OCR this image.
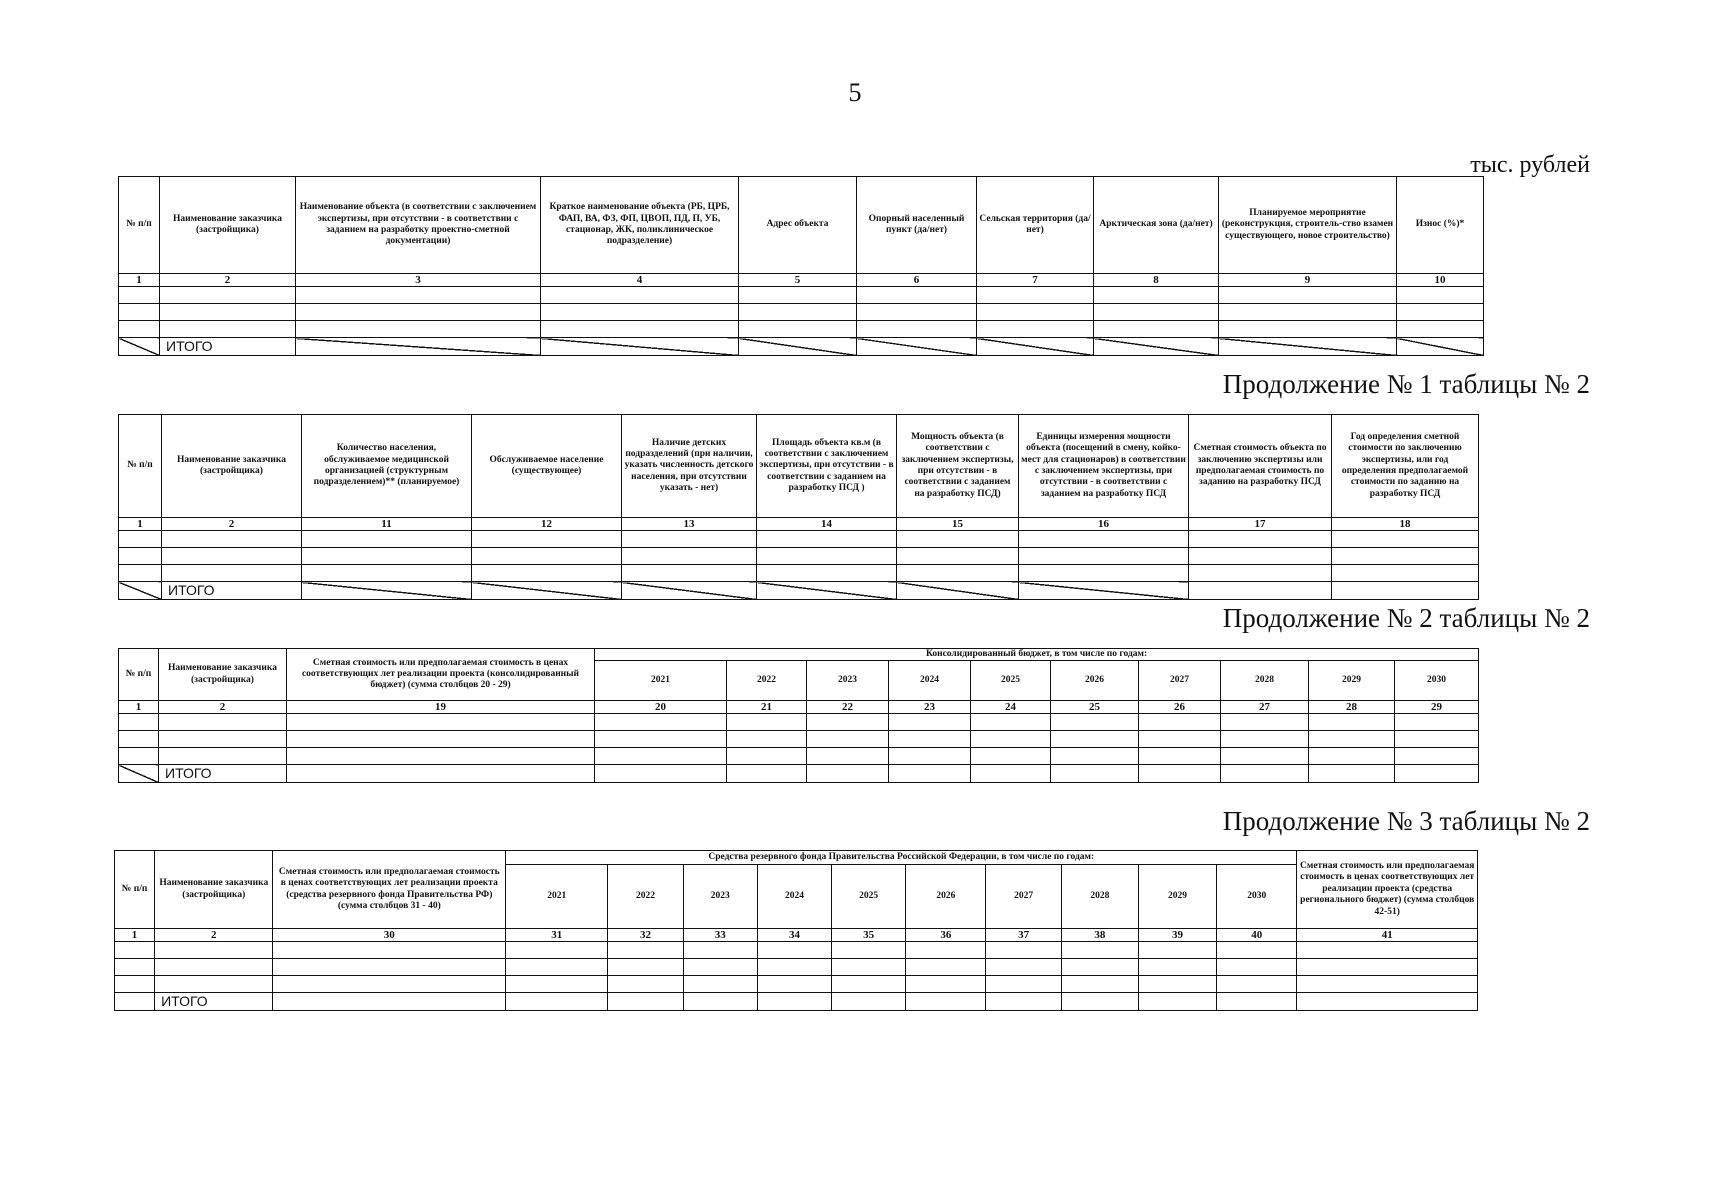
5
тыс. рублей
№ п/п	Наименование заказчика (застройщика)	Наименование объекта (в соответствии с заключением экспертизы, при отсутствии - в соответствии с заданием на разработку проектно-сметной документации)	Краткое наименование объекта (РБ, ЦРБ, ФАП, ВА, ФЗ, ФП, ЦВОП, ПД, П, УБ, стационар, ЖК, поликлиническое подразделение)	Адрес объекта	Опорный населенный пункт (да/нет)	Сельская территория (да/нет)	Арктическая зона (да/нет)	Планируемое мероприятие (реконструкция, строитель-ство взамен существующего, новое строительство)	Износ (%)*
1	2	3	4	5	6	7	8	9	10

	ИТОГО								
Продолжение № 1 таблицы № 2
№ п/п	Наименование заказчика (застройщика)	Количество населения, обслуживаемое медицинской организацией (структурным подразделением)** (планируемое)	Обслуживаемое население (существующее)	Наличие детских подразделений (при наличии, указать численность детского населения, при отсутствии указать - нет)	Площадь объекта кв.м (в соответствии с заключением экспертизы, при отсутствии - в соответствии с заданием на разработку ПСД )	Мощность объекта (в соответствии с заключением экспертизы, при отсутствии - в соответствии с заданием на разработку ПСД)	Единицы измерения мощности объекта (посещений в смену, койко-мест для стационаров) в соответствии с заключением экспертизы, при отсутствии - в соответствии с заданием на разработку ПСД	Сметная стоимость объекта по заключению экспертизы или предполагаемая стоимость по заданию на разработку ПСД	Год определения сметной стоимости по заключению экспертизы, или год определения предполагаемой стоимости по заданию на разработку ПСД
1	2	11	12	13	14	15	16	17	18

	ИТОГО								
Продолжение № 2 таблицы № 2
№ п/п	Наименование заказчика (застройщика)	Сметная стоимость или предполагаемая стоимость в ценах соответствующих лет реализации проекта (консолидированный бюджет) (сумма столбцов 20 - 29)	Консолидированный бюджет, в том числе по годам:									
			2021	2022	2023	2024	2025	2026	2027	2028	2029	2030
1	2	19	20	21	22	23	24	25	26	27	28	29

	ИТОГО											
Продолжение № 3 таблицы № 2
№ п/п	Наименование заказчика (застройщика)	Сметная стоимость или предполагаемая стоимость в ценах соответствующих лет реализации проекта (средства резервного фонда Правительства РФ) (сумма столбцов 31 - 40)	Средства резервного фонда Правительства Российской Федерации, в том числе по годам:										Сметная стоимость или предполагаемая стоимость в ценах соответствующих лет реализации проекта (средства регионального бюджет) (сумма столбцов 42-51)
			2021	2022	2023	2024	2025	2026	2027	2028	2029	2030	
1	2	30	31	32	33	34	35	36	37	38	39	40	41

	ИТОГО												
